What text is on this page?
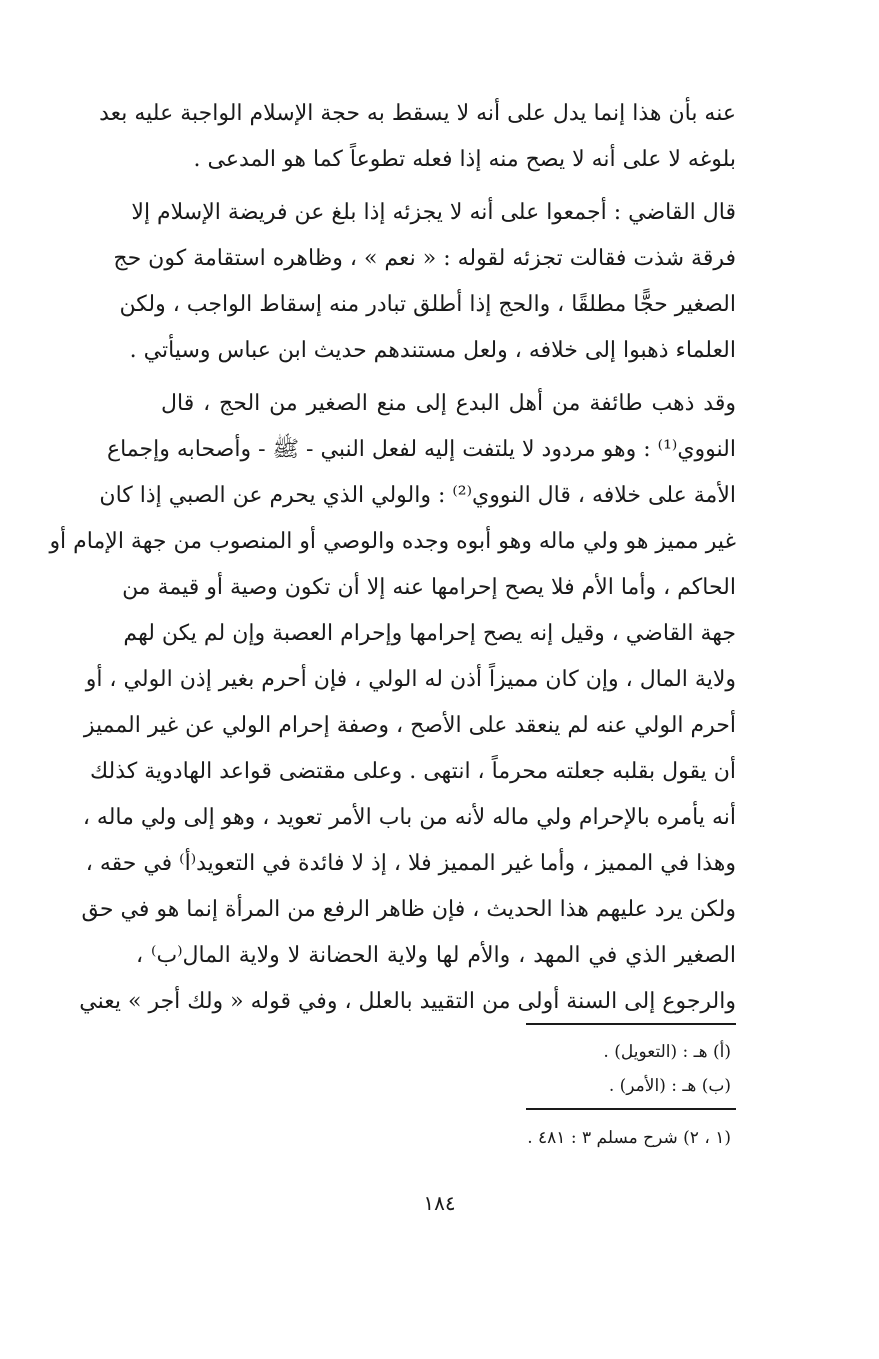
عنه بأن هذا إنما يدل على أنه لا يسقط به حجة الإسلام الواجبة عليه بعد
بلوغه لا على أنه لا يصح منه إذا فعله تطوعاً كما هو المدعى .
قال القاضي : أجمعوا على أنه لا يجزئه إذا بلغ عن فريضة الإسلام إلا
فرقة شذت فقالت تجزئه لقوله : « نعم » ، وظاهره استقامة كون حج
الصغير حجًّا مطلقًا ، والحج إذا أطلق تبادر منه إسقاط الواجب ، ولكن
العلماء ذهبوا إلى خلافه ، ولعل مستندهم حديث ابن عباس وسيأتي .
وقد ذهب طائفة من أهل البدع إلى منع الصغير من الحج ، قال
النووي⁽¹⁾ : وهو مردود لا يلتفت إليه لفعل النبي - ﷺ - وأصحابه وإجماع
الأمة على خلافه ، قال النووي⁽²⁾ : والولي الذي يحرم عن الصبي إذا كان
غير مميز هو ولي ماله وهو أبوه وجده والوصي أو المنصوب من جهة الإمام أو
الحاكم ، وأما الأم فلا يصح إحرامها عنه إلا أن تكون وصية أو قيمة من
جهة القاضي ، وقيل إنه يصح إحرامها وإحرام العصبة وإن لم يكن لهم
ولاية المال ، وإن كان مميزاً أذن له الولي ، فإن أحرم بغير إذن الولي ، أو
أحرم الولي عنه لم ينعقد على الأصح ، وصفة إحرام الولي عن غير المميز
أن يقول بقلبه جعلته محرماً ، انتهى . وعلى مقتضى قواعد الهادوية كذلك
أنه يأمره بالإحرام ولي ماله لأنه من باب الأمر تعويد ، وهو إلى ولي ماله ،
وهذا في المميز ، وأما غير المميز فلا ، إذ لا فائدة في التعويد⁽أ⁾ في حقه ،
ولكن يرد عليهم هذا الحديث ، فإن ظاهر الرفع من المرأة إنما هو في حق
الصغير الذي في المهد ، والأم لها ولاية الحضانة لا ولاية المال⁽ب⁾ ،
والرجوع إلى السنة أولى من التقييد بالعلل ، وفي قوله « ولك أجر » يعني
(أ) هـ : (التعويل) .
(ب) هـ : (الأمر) .
(١ ، ٢) شرح مسلم ٣ : ٤٨١ .
١٨٤
